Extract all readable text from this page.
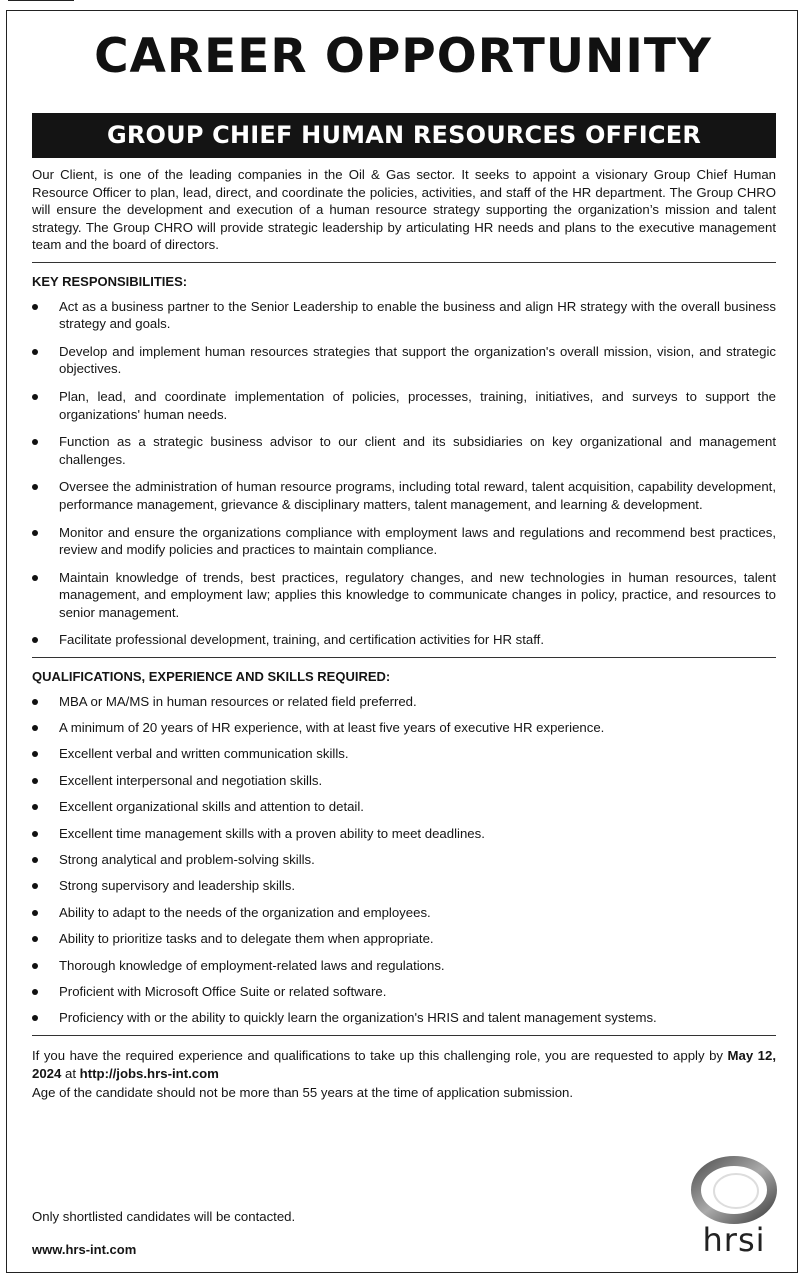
CAREER OPPORTUNITY
GROUP CHIEF HUMAN RESOURCES OFFICER

Our Client, is one of the leading companies in the Oil & Gas sector. It seeks to appoint a visionary Group Chief Human Resource Officer to plan, lead, direct, and coordinate the policies, activities, and staff of the HR department. The Group CHRO will ensure the development and execution of a human resource strategy supporting the organization’s mission and talent strategy. The Group CHRO will provide strategic leadership by articulating HR needs and plans to the executive management team and the board of directors.

KEY RESPONSIBILITIES:
Act as a business partner to the Senior Leadership to enable the business and align HR strategy with the overall business strategy and goals.
Develop and implement human resources strategies that support the organization's overall mission, vision, and strategic objectives.
Plan, lead, and coordinate implementation of policies, processes, training, initiatives, and surveys to support the organizations' human needs.
Function as a strategic business advisor to our client and its subsidiaries on key organizational and management challenges.
Oversee the administration of human resource programs, including total reward, talent acquisition, capability development, performance management, grievance & disciplinary matters, talent management, and learning & development.
Monitor and ensure the organizations compliance with employment laws and regulations and recommend best practices, review and modify policies and practices to maintain compliance.
Maintain knowledge of trends, best practices, regulatory changes, and new technologies in human resources, talent management, and employment law; applies this knowledge to communicate changes in policy, practice, and resources to senior management.
Facilitate professional development, training, and certification activities for HR staff.
QUALIFICATIONS, EXPERIENCE AND SKILLS REQUIRED:
MBA or MA/MS in human resources or related field preferred.
A minimum of 20 years of HR experience, with at least five years of executive HR experience.
Excellent verbal and written communication skills.
Excellent interpersonal and negotiation skills.
Excellent organizational skills and attention to detail.
Excellent time management skills with a proven ability to meet deadlines.
Strong analytical and problem-solving skills.
Strong supervisory and leadership skills.
Ability to adapt to the needs of the organization and employees.
Ability to prioritize tasks and to delegate them when appropriate.
Thorough knowledge of employment-related laws and regulations.
Proficient with Microsoft Office Suite or related software.
Proficiency with or the ability to quickly learn the organization's HRIS and talent management systems.

If you have the required experience and qualifications to take up this challenging role, you are requested to apply by May 12, 2024 at http://jobs.hrs-int.com

Age of the candidate should not be more than 55 years at the time of application submission.

Only shortlisted candidates will be contacted.
www.hrs-int.com	hrsi
